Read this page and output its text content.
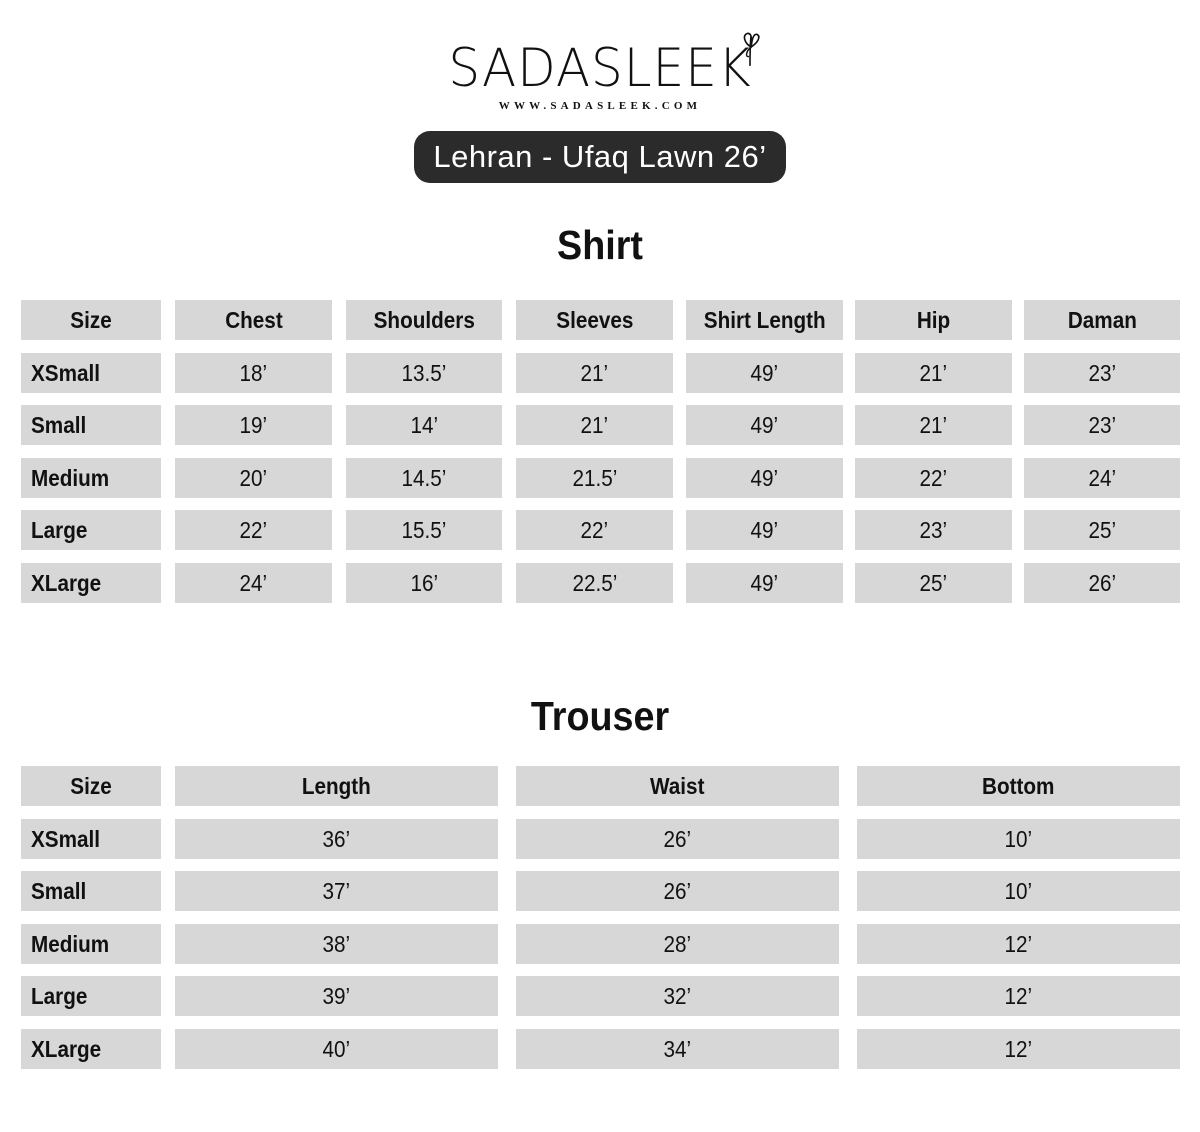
SADASLEEK
WWW.SADASLEEK.COM
Lehran - Ufaq Lawn 26’
Shirt
Size	Chest	Shoulders	Sleeves	Shirt Length	Hip	Daman
XSmall	18’	13.5’	21’	49’	21’	23’
Small	19’	14’	21’	49’	21’	23’
Medium	20’	14.5’	21.5’	49’	22’	24’
Large	22’	15.5’	22’	49’	23’	25’
XLarge	24’	16’	22.5’	49’	25’	26’
Trouser
Size	Length	Waist	Bottom
XSmall	36’	26’	10’
Small	37’	26’	10’
Medium	38’	28’	12’
Large	39’	32’	12’
XLarge	40’	34’	12’
